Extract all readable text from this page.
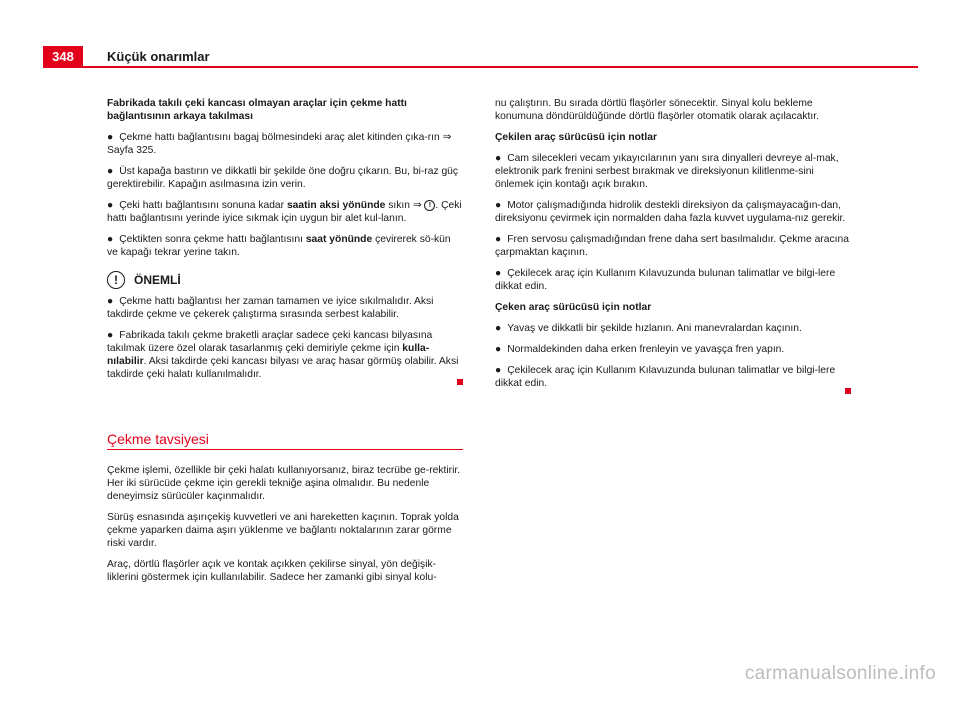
348	Küçük onarımlar

Fabrikada takılı çeki kancası olmayan araçlar için çekme hattı bağlantısının arkaya takılması

● Çekme hattı bağlantısını bagaj bölmesindeki araç alet kitinden çıka-rın ⇒ Sayfa 325.
● Üst kapağa bastırın ve dikkatli bir şekilde öne doğru çıkarın. Bu, bi-raz güç gerektirebilir. Kapağın asılmasına izin verin.
● Çeki hattı bağlantısını sonuna kadar saatin aksi yönünde sıkın ⇒ ! . Çeki hattı bağlantısını yerinde iyice sıkmak için uygun bir alet kul-lanın.
● Çektikten sonra çekme hattı bağlantısını saat yönünde çevirerek sö-kün ve kapağı tekrar yerine takın.
!	ÖNEMLİ
● Çekme hattı bağlantısı her zaman tamamen ve iyice sıkılmalıdır. Aksi takdirde çekme ve çekerek çalıştırma sırasında serbest kalabilir.
● Fabrikada takılı çekme braketli araçlar sadece çeki kancası bilyasına takılmak üzere özel olarak tasarlanmış çeki demiriyle çekme için kulla-nılabilir. Aksi takdirde çeki kancası bilyası ve araç hasar görmüş olabilir. Aksi takdirde çeki halatı kullanılmalıdır.
Çekme tavsiyesi

Çekme işlemi, özellikle bir çeki halatı kullanıyorsanız, biraz tecrübe ge-rektirir. Her iki sürücüde çekme için gerekli tekniğe aşina olmalıdır. Bu nedenle deneyimsiz sürücüler kaçınmalıdır.

Sürüş esnasında aşırıçekiş kuvvetleri ve ani hareketten kaçının. Toprak yolda çekme yaparken daima aşırı yüklenme ve bağlantı noktalarının zarar görme riski vardır.

Araç, dörtlü flaşörler açık ve kontak açıkken çekilirse sinyal, yön değişik-liklerini göstermek için kullanılabilir. Sadece her zamanki gibi sinyal kolu-

nu çalıştırın. Bu sırada dörtlü flaşörler sönecektir. Sinyal kolu bekleme konumuna döndürüldüğünde dörtlü flaşörler otomatik olarak açılacaktır.

Çekilen araç sürücüsü için notlar

● Cam silecekleri vecam yıkayıcılarının yanı sıra dinyalleri devreye al-mak, elektronik park frenini serbest bırakmak ve direksiyonun kilitlenme-sini önlemek için kontağı açık bırakın.
● Motor çalışmadığında hidrolik destekli direksiyon da çalışmayacağın-dan, direksiyonu çevirmek için normalden daha fazla kuvvet uygulama-nız gerekir.
● Fren servosu çalışmadığından frene daha sert basılmalıdır. Çekme aracına çarpmaktan kaçının.
● Çekilecek araç için Kullanım Kılavuzunda bulunan talimatlar ve bilgi-lere dikkat edin.

Çeken araç sürücüsü için notlar

● Yavaş ve dikkatli bir şekilde hızlanın. Ani manevralardan kaçının.
● Normaldekinden daha erken frenleyin ve yavaşça fren yapın.
● Çekilecek araç için Kullanım Kılavuzunda bulunan talimatlar ve bilgi-lere dikkat edin.
carmanualsonline.info
